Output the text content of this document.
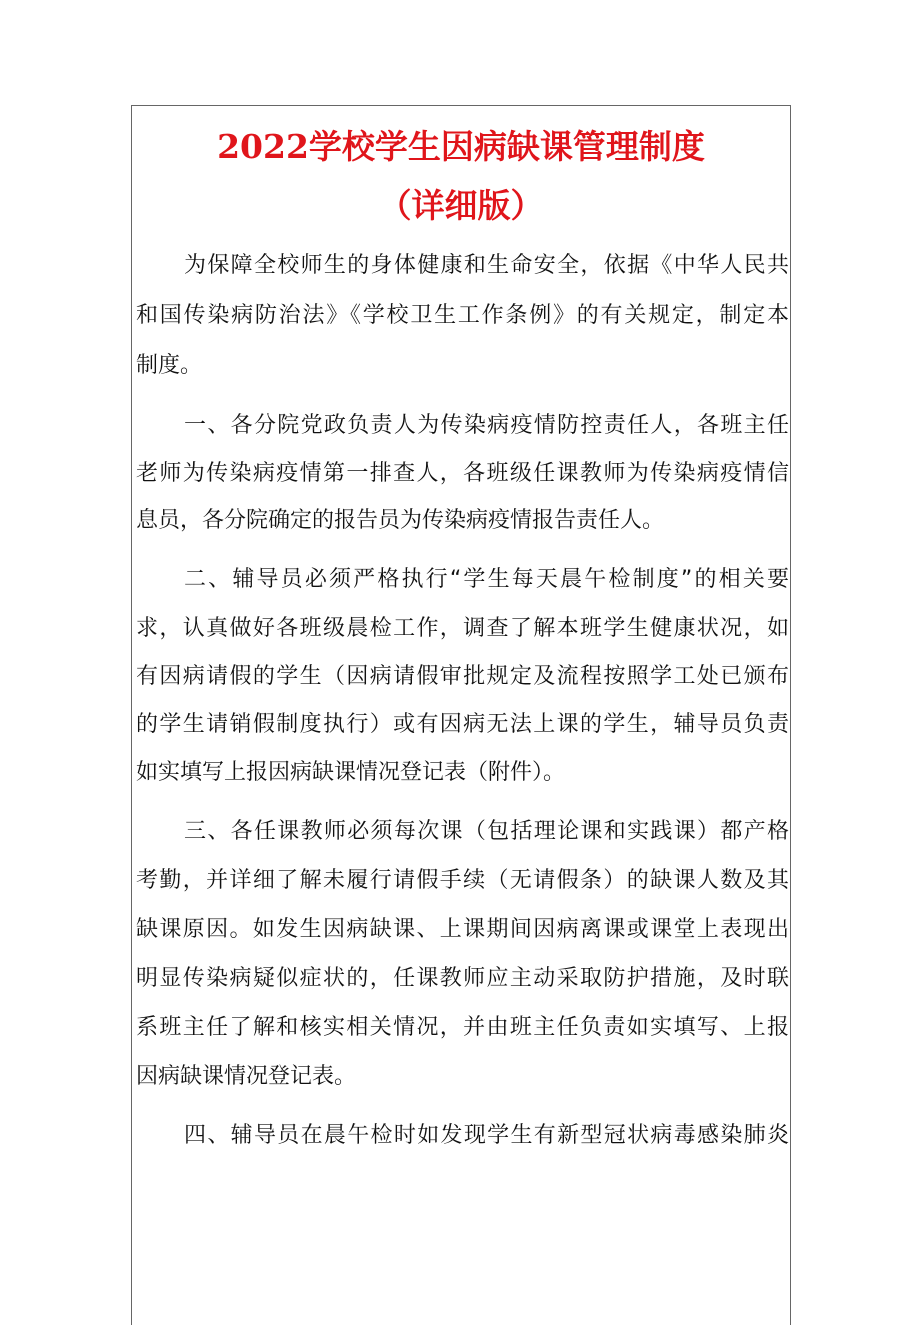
2022学校学生因病缺课管理制度
（详细版）

为保障全校师生的身体健康和生命安全，依据《中华人民共

和国传染病防治法》《学校卫生工作条例》的有关规定，制定本

制度。

一、各分院党政负责人为传染病疫情防控责任人，各班主任

老师为传染病疫情第一排查人，各班级任课教师为传染病疫情信

息员，各分院确定的报告员为传染病疫情报告责任人。

二、辅导员必须严格执行“学生每天晨午检制度”的相关要

求，认真做好各班级晨检工作，调查了解本班学生健康状况，如

有因病请假的学生（因病请假审批规定及流程按照学工处已颁布

的学生请销假制度执行）或有因病无法上课的学生，辅导员负责

如实填写上报因病缺课情况登记表（附件）。

三、各任课教师必须每次课（包括理论课和实践课）都产格

考勤，并详细了解未履行请假手续（无请假条）的缺课人数及其

缺课原因。如发生因病缺课、上课期间因病离课或课堂上表现出

明显传染病疑似症状的，任课教师应主动采取防护措施，及时联

系班主任了解和核实相关情况，并由班主任负责如实填写、上报

因病缺课情况登记表。

四、辅导员在晨午检时如发现学生有新型冠状病毒感染肺炎
